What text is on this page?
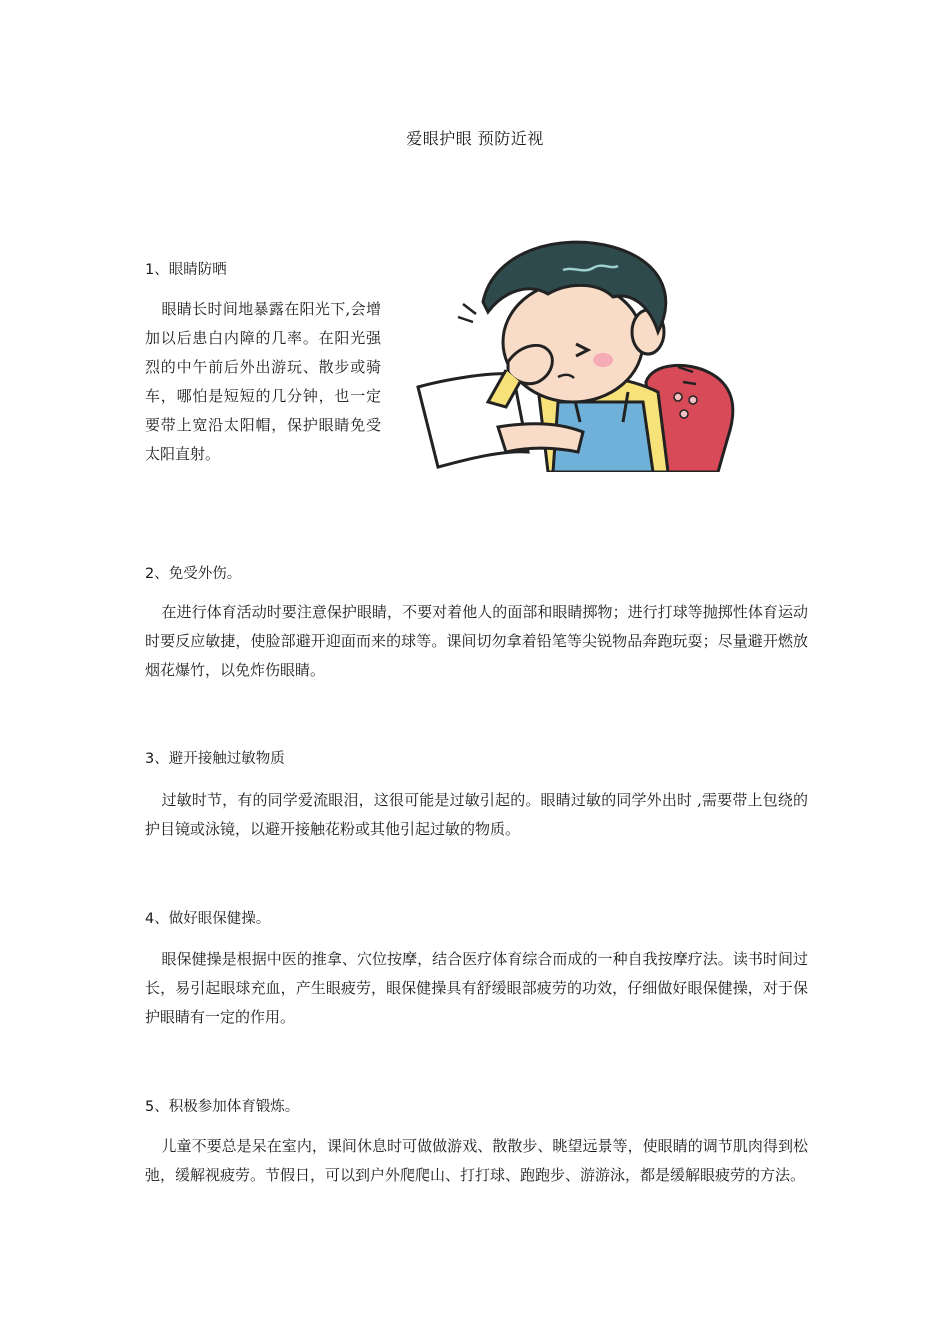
爱眼护眼 预防近视
1、眼睛防晒
眼睛长时间地暴露在阳光下,会增加以后患白内障的几率。在阳光强烈的中午前后外出游玩、散步或骑车，哪怕是短短的几分钟，也一定要带上宽沿太阳帽，保护眼睛免受太阳直射。
2、免受外伤。
在进行体育活动时要注意保护眼睛，不要对着他人的面部和眼睛掷物；进行打球等抛掷性体育运动时要反应敏捷，使脸部避开迎面而来的球等。课间切勿拿着铅笔等尖锐物品奔跑玩耍；尽量避开燃放烟花爆竹，以免炸伤眼睛。
3、避开接触过敏物质
过敏时节，有的同学爱流眼泪，这很可能是过敏引起的。眼睛过敏的同学外出时 ,需要带上包绕的护目镜或泳镜，以避开接触花粉或其他引起过敏的物质。
4、做好眼保健操。
眼保健操是根据中医的推拿、穴位按摩，结合医疗体育综合而成的一种自我按摩疗法。读书时间过长，易引起眼球充血，产生眼疲劳，眼保健操具有舒缓眼部疲劳的功效，仔细做好眼保健操，对于保护眼睛有一定的作用。
5、积极参加体育锻炼。
儿童不要总是呆在室内，课间休息时可做做游戏、散散步、眺望远景等，使眼睛的调节肌肉得到松弛，缓解视疲劳。节假日，可以到户外爬爬山、打打球、跑跑步、游游泳，都是缓解眼疲劳的方法。
